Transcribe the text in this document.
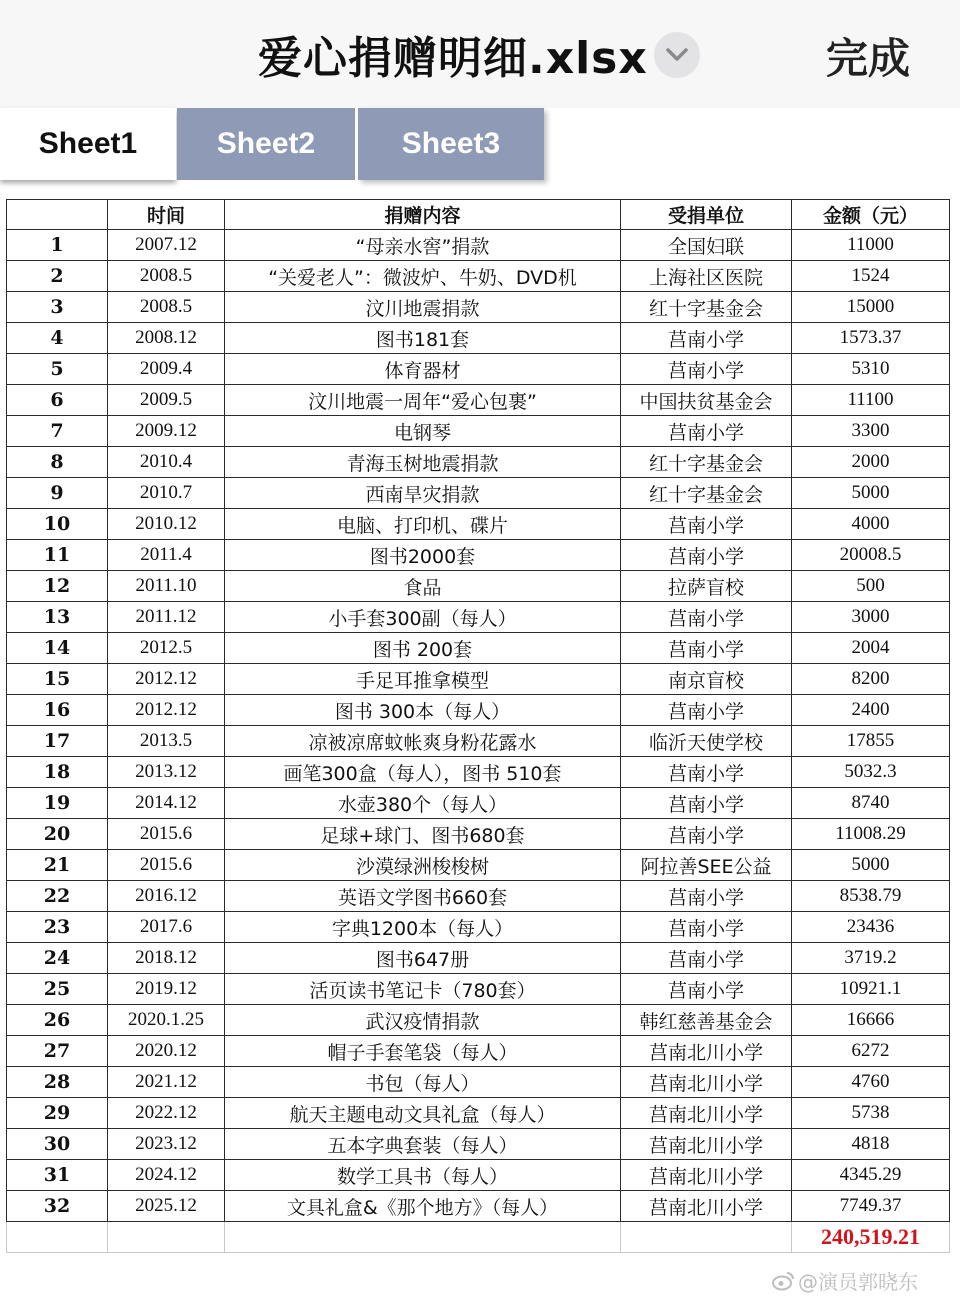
爱心捐赠明细.xlsx	完成
Sheet1	Sheet2	Sheet3
	时间	捐赠内容	受捐单位	金额（元）
1	2007.12	“母亲水窖”捐款	全国妇联	11000
2	2008.5	“关爱老人”：微波炉、牛奶、DVD机	上海社区医院	1524
3	2008.5	汶川地震捐款	红十字基金会	15000
4	2008.12	图书181套	莒南小学	1573.37
5	2009.4	体育器材	莒南小学	5310
6	2009.5	汶川地震一周年“爱心包裹”	中国扶贫基金会	11100
7	2009.12	电钢琴	莒南小学	3300
8	2010.4	青海玉树地震捐款	红十字基金会	2000
9	2010.7	西南旱灾捐款	红十字基金会	5000
10	2010.12	电脑、打印机、碟片	莒南小学	4000
11	2011.4	图书2000套	莒南小学	20008.5
12	2011.10	食品	拉萨盲校	500
13	2011.12	小手套300副（每人）	莒南小学	3000
14	2012.5	图书 200套	莒南小学	2004
15	2012.12	手足耳推拿模型	南京盲校	8200
16	2012.12	图书 300本（每人）	莒南小学	2400
17	2013.5	凉被凉席蚊帐爽身粉花露水	临沂天使学校	17855
18	2013.12	画笔300盒（每人），图书 510套	莒南小学	5032.3
19	2014.12	水壶380个（每人）	莒南小学	8740
20	2015.6	足球+球门、图书680套	莒南小学	11008.29
21	2015.6	沙漠绿洲梭梭树	阿拉善SEE公益	5000
22	2016.12	英语文学图书660套	莒南小学	8538.79
23	2017.6	字典1200本（每人）	莒南小学	23436
24	2018.12	图书647册	莒南小学	3719.2
25	2019.12	活页读书笔记卡（780套）	莒南小学	10921.1
26	2020.1.25	武汉疫情捐款	韩红慈善基金会	16666
27	2020.12	帽子手套笔袋（每人）	莒南北川小学	6272
28	2021.12	书包（每人）	莒南北川小学	4760
29	2022.12	航天主题电动文具礼盒（每人）	莒南北川小学	5738
30	2023.12	五本字典套装（每人）	莒南北川小学	4818
31	2024.12	数学工具书（每人）	莒南北川小学	4345.29
32	2025.12	文具礼盒&《那个地方》（每人）	莒南北川小学	7749.37
				240,519.21
@演员郭晓东
